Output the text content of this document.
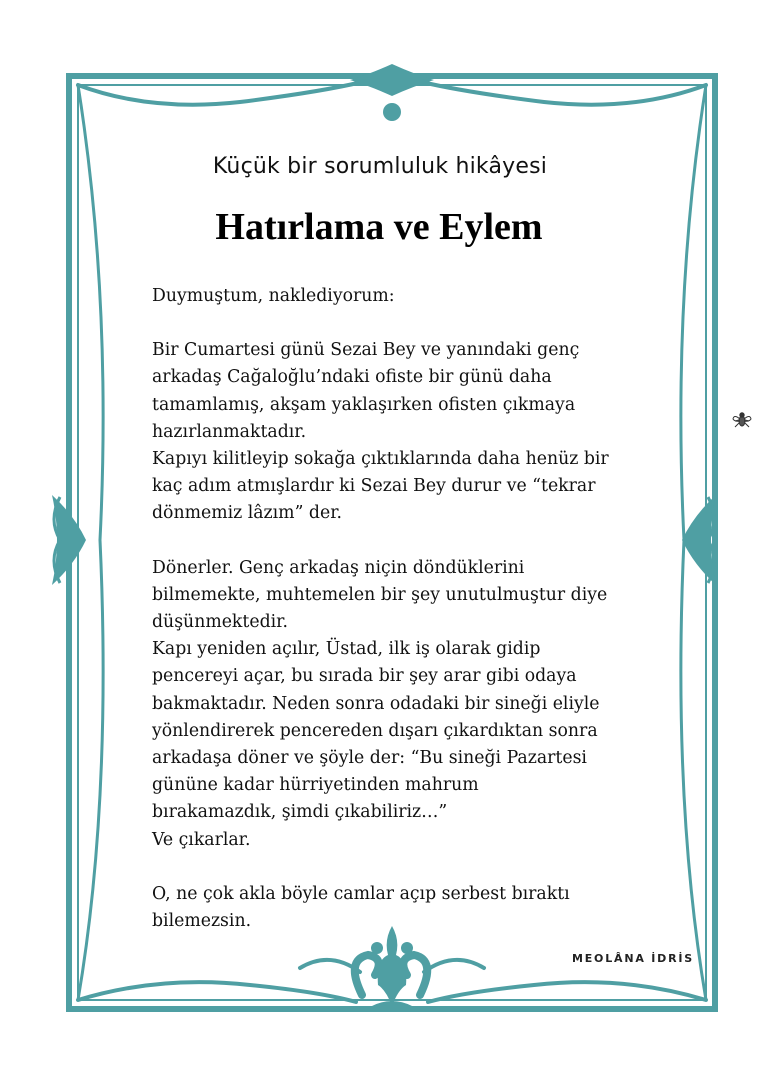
Küçük bir sorumluluk hikâyesi
Hatırlama ve Eylem

Duymuştum, naklediyorum:

Bir Cumartesi günü Sezai Bey ve yanındaki genç

arkadaş Cağaloğlu’ndaki ofiste bir günü daha

tamamlamış, akşam yaklaşırken ofisten çıkmaya

hazırlanmaktadır.

Kapıyı kilitleyip sokağa çıktıklarında daha henüz bir

kaç adım atmışlardır ki Sezai Bey durur ve “tekrar

dönmemiz lâzım” der.

Dönerler. Genç arkadaş niçin döndüklerini

bilmemekte, muhtemelen bir şey unutulmuştur diye

düşünmektedir.

Kapı yeniden açılır, Üstad, ilk iş olarak gidip

pencereyi açar, bu sırada bir şey arar gibi odaya

bakmaktadır. Neden sonra odadaki bir sineği eliyle

yönlendirerek pencereden dışarı çıkardıktan sonra

arkadaşa döner ve şöyle der: “Bu sineği Pazartesi

gününe kadar hürriyetinden mahrum

bırakamazdık, şimdi çıkabiliriz…”

Ve çıkarlar.

O, ne çok akla böyle camlar açıp serbest bıraktı

bilemezsin.

MEOLÂNA İDRİS
